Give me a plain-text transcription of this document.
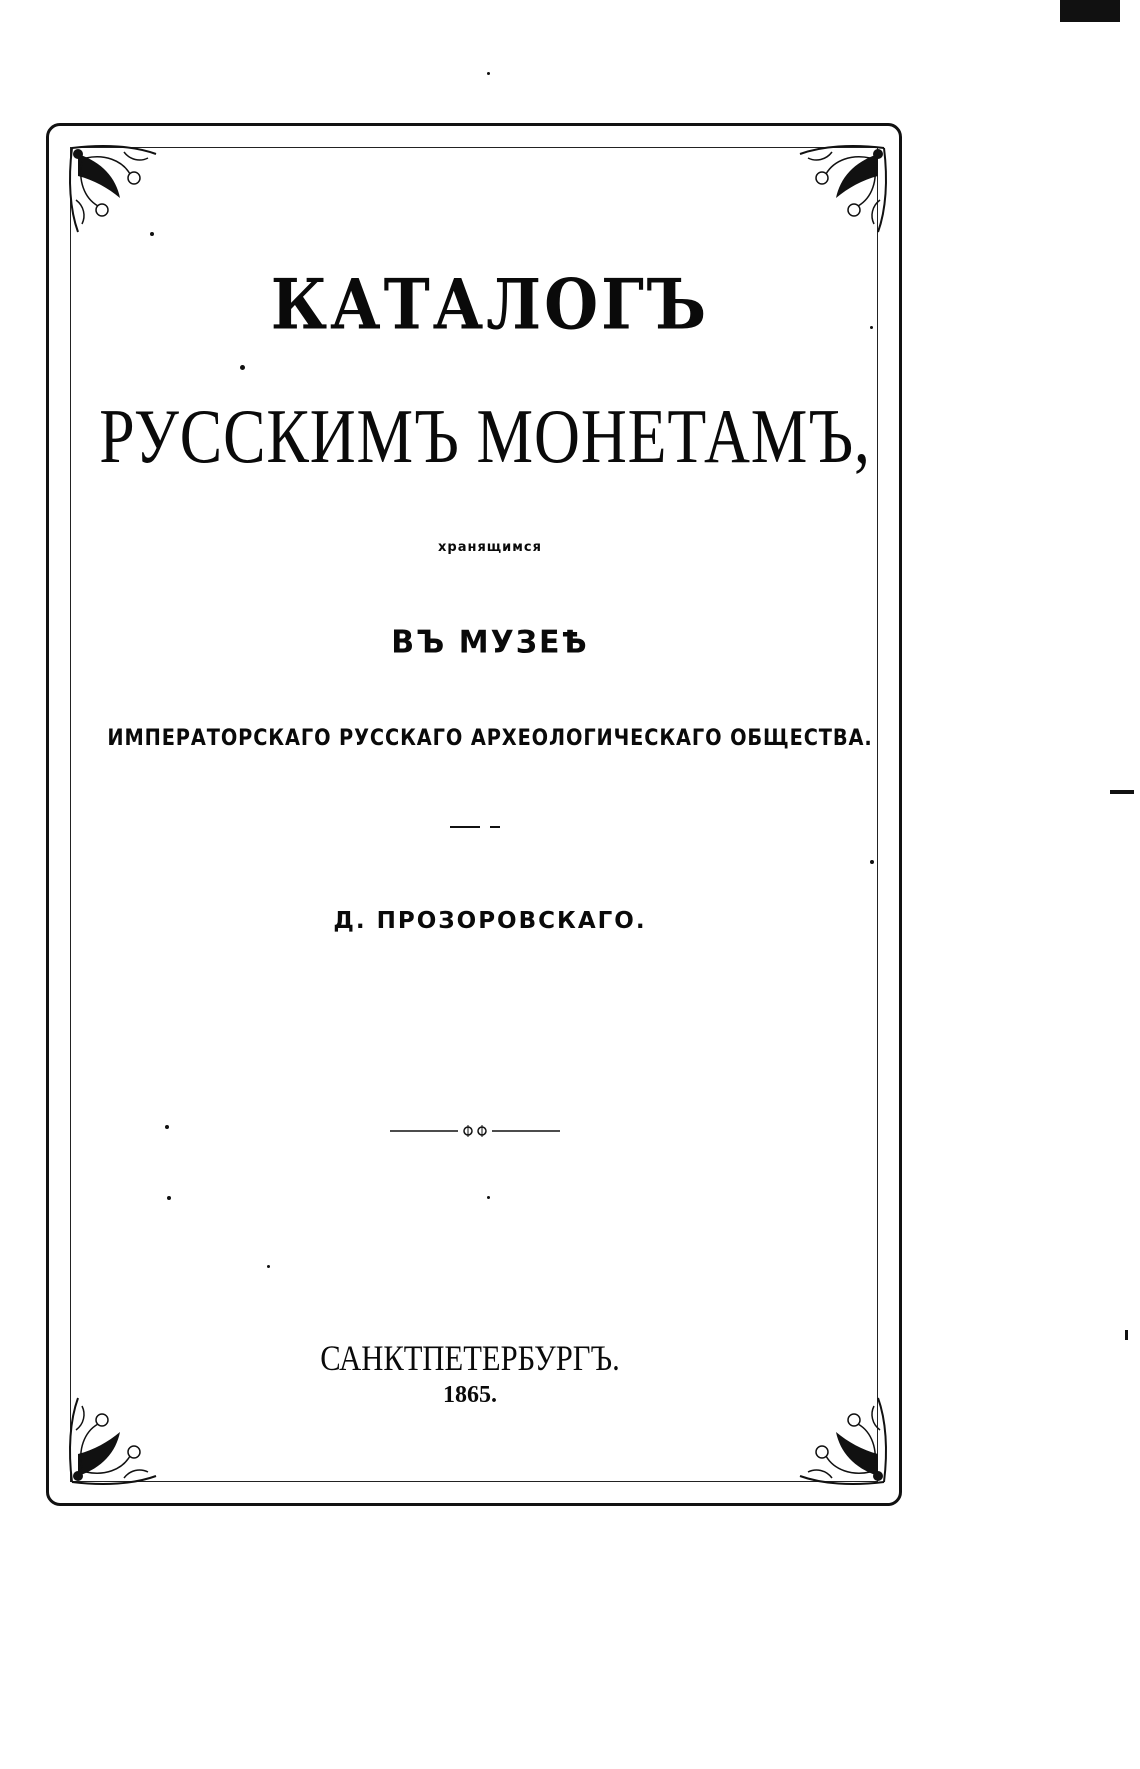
КАТАЛОГЪ
РУССКИМЪ МОНЕТАМЪ,
хранящимся
ВЪ МУЗЕѢ
ИМПЕРАТОРСКАГО РУССКАГО АРХЕОЛОГИЧЕСКАГО ОБЩЕСТВА.
Д. ПРОЗОРОВСКАГО.
САНКТПЕТЕРБУРГЪ.
1865.
